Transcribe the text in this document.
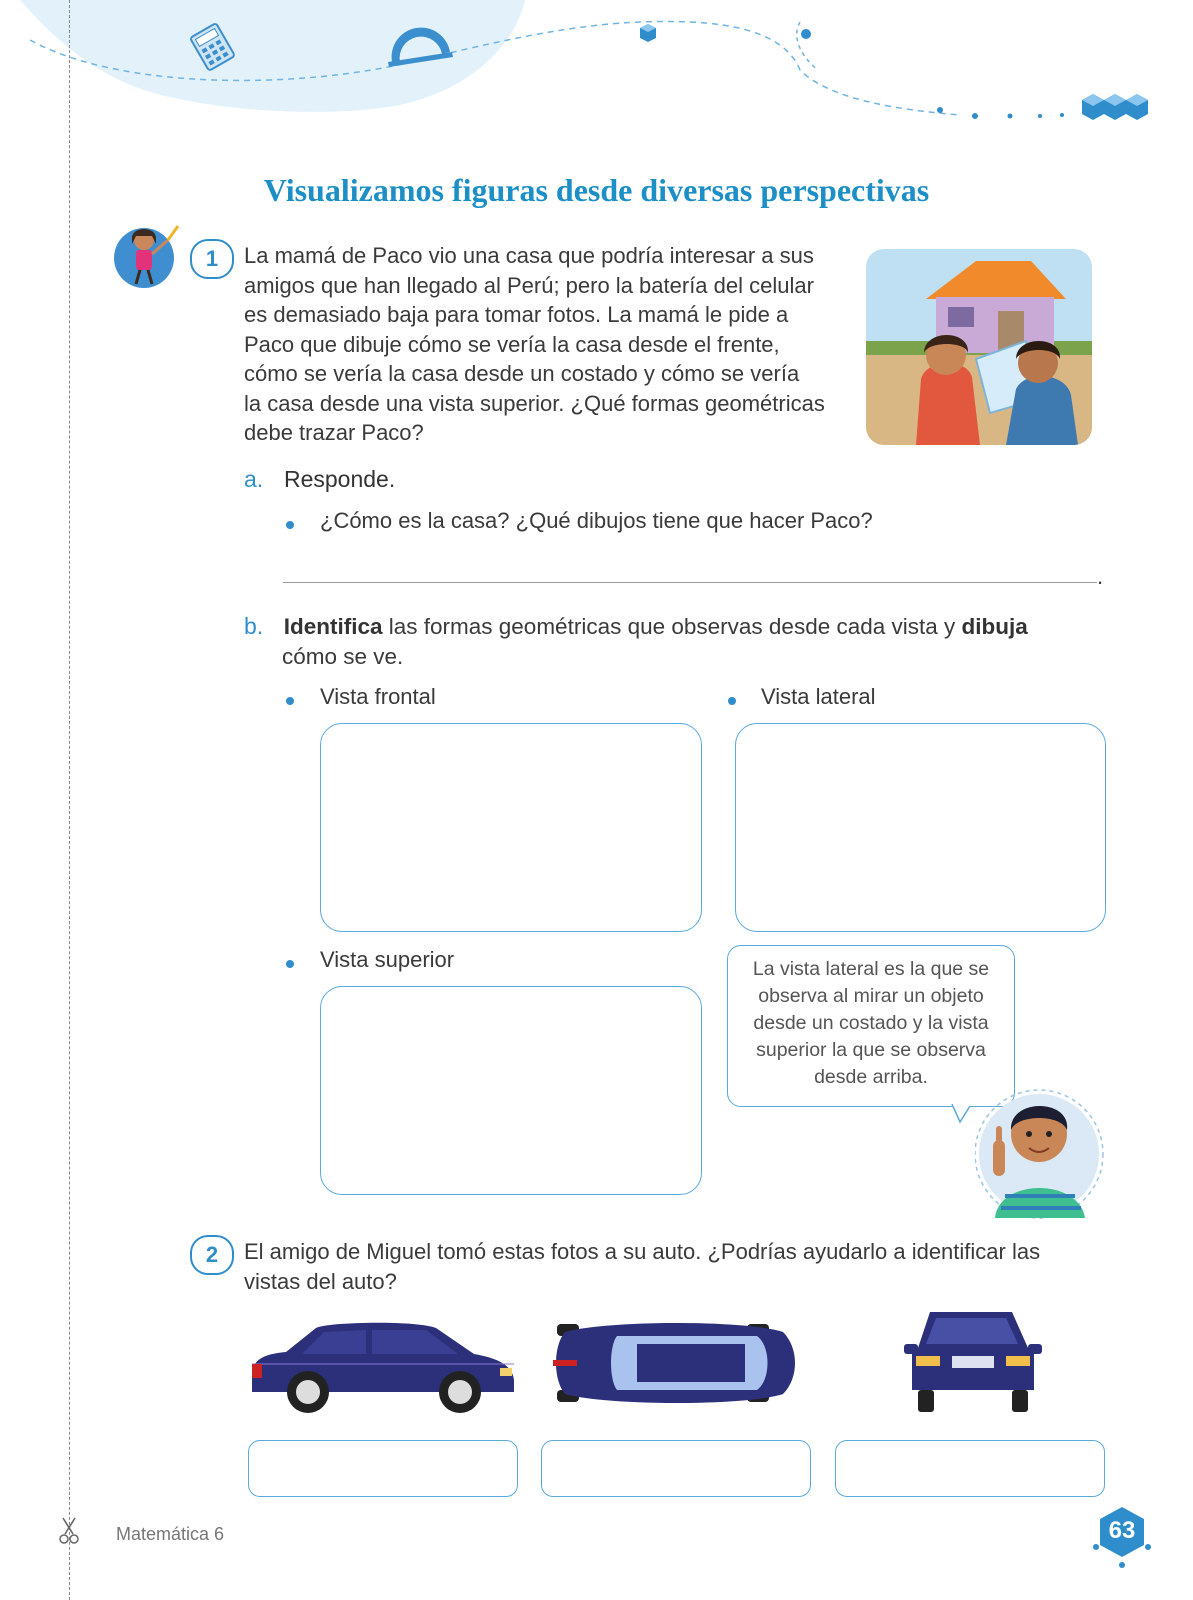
Visualizamos figuras desde diversas perspectivas
1	La mamá de Paco vio una casa que podría interesar a sus

amigos que han llegado al Perú; pero la batería del celular

es demasiado baja para tomar fotos. La mamá le pide a

Paco que dibuje cómo se vería la casa desde el frente,

cómo se vería la casa desde un costado y cómo se vería

la casa desde una vista superior. ¿Qué formas geométricas

debe trazar Paco?

a. Responde.
¿Cómo es la casa? ¿Qué dibujos tiene que hacer Paco?
.
b. Identifica las formas geométricas que observas desde cada vista y dibuja
cómo se ve.
Vista frontal	Vista lateral
Vista superior	La vista lateral es la que se
observa al mirar un objeto
desde un costado y la vista
superior la que se observa
desde arriba.
2	El amigo de Miguel tomó estas fotos a su auto. ¿Podrías ayudarlo a identificar las

vistas del auto?

Matemática 6	63
